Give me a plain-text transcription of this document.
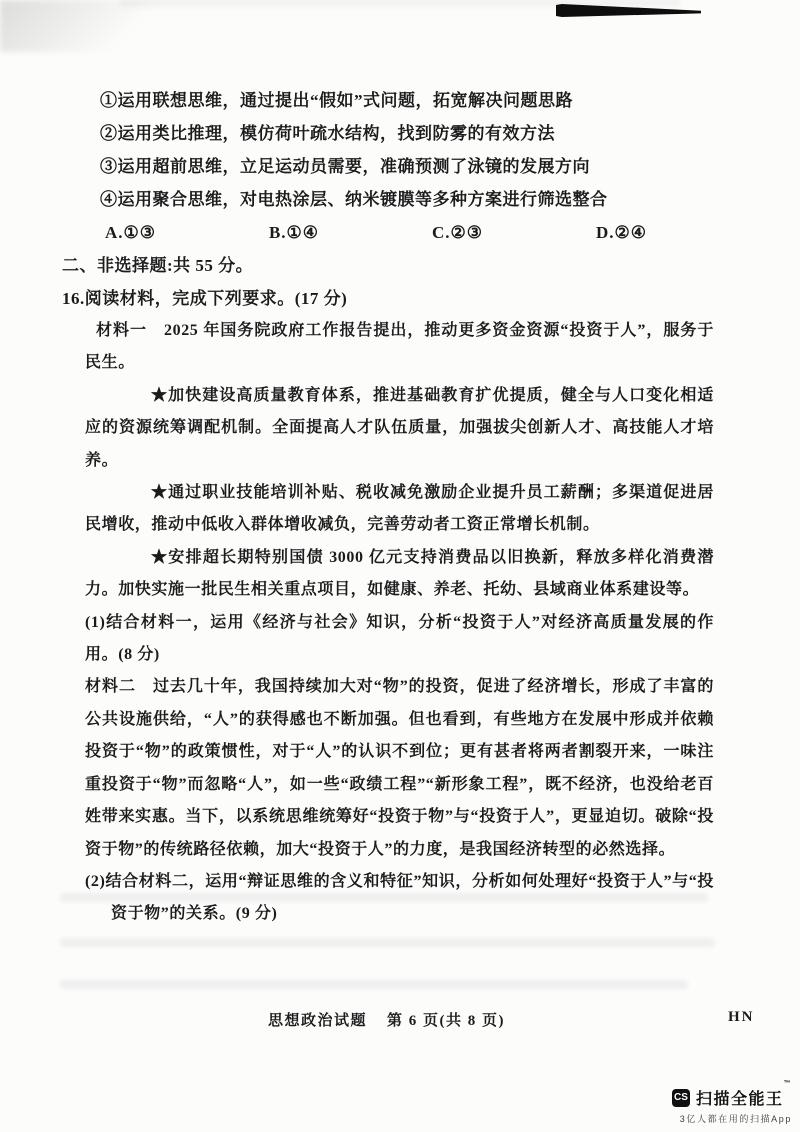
①运用联想思维，通过提出“假如”式问题，拓宽解决问题思路
②运用类比推理，模仿荷叶疏水结构，找到防雾的有效方法
③运用超前思维，立足运动员需要，准确预测了泳镜的发展方向
④运用聚合思维，对电热涂层、纳米镀膜等多种方案进行筛选整合
A.①③	B.①④	C.②③	D.②④
二、非选择题:共 55 分。
16.阅读材料，完成下列要求。(17 分)

材料一 2025 年国务院政府工作报告提出，推动更多资金资源“投资于人”，服务于民生。

★加快建设高质量教育体系，推进基础教育扩优提质，健全与人口变化相适应的资源统筹调配机制。全面提高人才队伍质量，加强拔尖创新人才、高技能人才培养。

★通过职业技能培训补贴、税收减免激励企业提升员工薪酬；多渠道促进居民增收，推动中低收入群体增收减负，完善劳动者工资正常增长机制。

★安排超长期特别国债 3000 亿元支持消费品以旧换新，释放多样化消费潜力。加快实施一批民生相关重点项目，如健康、养老、托幼、县域商业体系建设等。

(1)结合材料一，运用《经济与社会》知识，分析“投资于人”对经济高质量发展的作用。(8 分)

材料二 过去几十年，我国持续加大对“物”的投资，促进了经济增长，形成了丰富的公共设施供给，“人”的获得感也不断加强。但也看到，有些地方在发展中形成并依赖投资于“物”的政策惯性，对于“人”的认识不到位；更有甚者将两者割裂开来，一味注重投资于“物”而忽略“人”，如一些“政绩工程”“新形象工程”，既不经济，也没给老百姓带来实惠。当下，以系统思维统筹好“投资于物”与“投资于人”，更显迫切。破除“投资于物”的传统路径依赖，加大“投资于人”的力度，是我国经济转型的必然选择。

(2)结合材料二，运用“辩证思维的含义和特征”知识，分析如何处理好“投资于人”与“投资于物”的关系。(9 分)

思想政治试题 第 6 页(共 8 页)	HN
CS 扫描全能王™
3亿人都在用的扫描App
